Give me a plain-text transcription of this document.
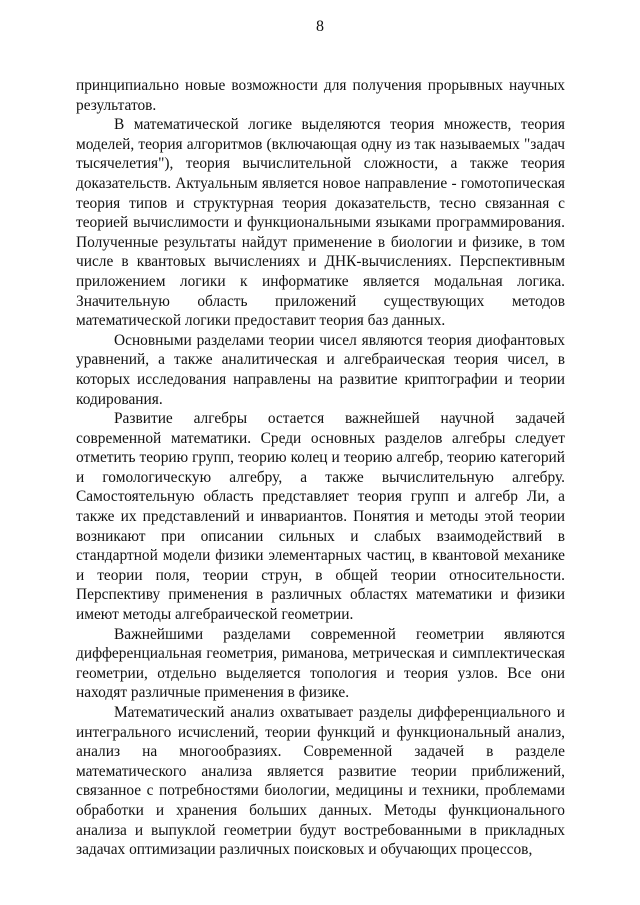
8

принципиально новые возможности для получения прорывных научных результатов.

В математической логике выделяются теория множеств, теория моделей, теория алгоритмов (включающая одну из так называемых "задач тысячелетия"), теория вычислительной сложности, а также теория доказательств. Актуальным является новое направление - гомотопическая теория типов и структурная теория доказательств, тесно связанная с теорией вычислимости и функциональными языками программирования. Полученные результаты найдут применение в биологии и физике, в том числе в квантовых вычислениях и ДНК-вычислениях. Перспективным приложением логики к информатике является модальная логика. Значительную область приложений существующих методов математической логики предоставит теория баз данных.

Основными разделами теории чисел являются теория диофантовых уравнений, а также аналитическая и алгебраическая теория чисел, в которых исследования направлены на развитие криптографии и теории кодирования.

Развитие алгебры остается важнейшей научной задачей современной математики. Среди основных разделов алгебры следует отметить теорию групп, теорию колец и теорию алгебр, теорию категорий и гомологическую алгебру, а также вычислительную алгебру. Самостоятельную область представляет теория групп и алгебр Ли, а также их представлений и инвариантов. Понятия и методы этой теории возникают при описании сильных и слабых взаимодействий в стандартной модели физики элементарных частиц, в квантовой механике и теории поля, теории струн, в общей теории относительности. Перспективу применения в различных областях математики и физики имеют методы алгебраической геометрии.

Важнейшими разделами современной геометрии являются дифференциальная геометрия, риманова, метрическая и симплектическая геометрии, отдельно выделяется топология и теория узлов. Все они находят различные применения в физике.

Математический анализ охватывает разделы дифференциального и интегрального исчислений, теории функций и функциональный анализ, анализ на многообразиях. Современной задачей в разделе математического анализа является развитие теории приближений, связанное с потребностями биологии, медицины и техники, проблемами обработки и хранения больших данных. Методы функционального анализа и выпуклой геометрии будут востребованными в прикладных задачах оптимизации различных поисковых и обучающих процессов,
